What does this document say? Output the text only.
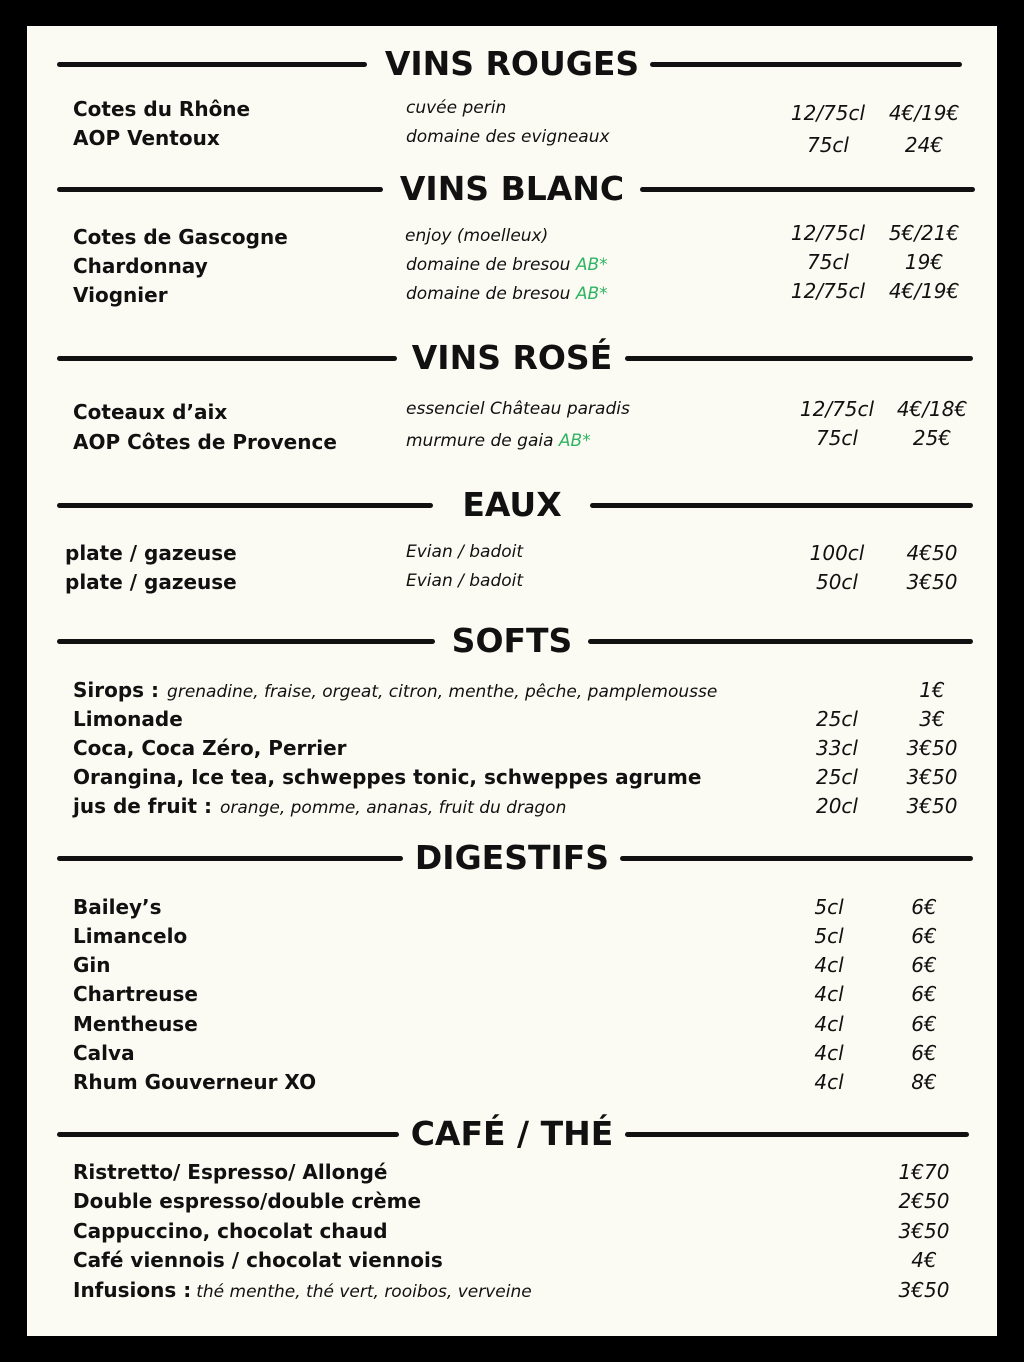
VINS ROUGES
Cotes du Rhône	cuvée perin	12/75cl	4€/19€
AOP Ventoux	domaine des evigneaux	75cl	24€
VINS BLANC
Cotes de Gascogne	enjoy (moelleux)	12/75cl	5€/21€
Chardonnay	domaine de bresou AB*	75cl	19€
Viognier	domaine de bresou AB*	12/75cl	4€/19€
VINS ROSÉ
Coteaux d’aix	essenciel Château paradis	12/75cl	4€/18€
AOP Côtes de Provence	murmure de gaia AB*	75cl	25€
EAUX
plate / gazeuse	Evian / badoit	100cl	4€50
plate / gazeuse	Evian / badoit	50cl	3€50
SOFTS
Sirops : grenadine, fraise, orgeat, citron, menthe, pêche, pamplemousse	1€
Limonade	25cl	3€
Coca, Coca Zéro, Perrier	33cl	3€50
Orangina, Ice tea, schweppes tonic, schweppes agrume	25cl	3€50
jus de fruit : orange, pomme, ananas, fruit du dragon	20cl	3€50
DIGESTIFS
Bailey’s	5cl	6€
Limancelo	5cl	6€
Gin	4cl	6€
Chartreuse	4cl	6€
Mentheuse	4cl	6€
Calva	4cl	6€
Rhum Gouverneur XO	4cl	8€
CAFÉ / THÉ
Ristretto/ Espresso/ Allongé	1€70
Double espresso/double crème	2€50
Cappuccino, chocolat chaud	3€50
Café viennois / chocolat viennois	4€
Infusions : thé menthe, thé vert, rooibos, verveine	3€50
